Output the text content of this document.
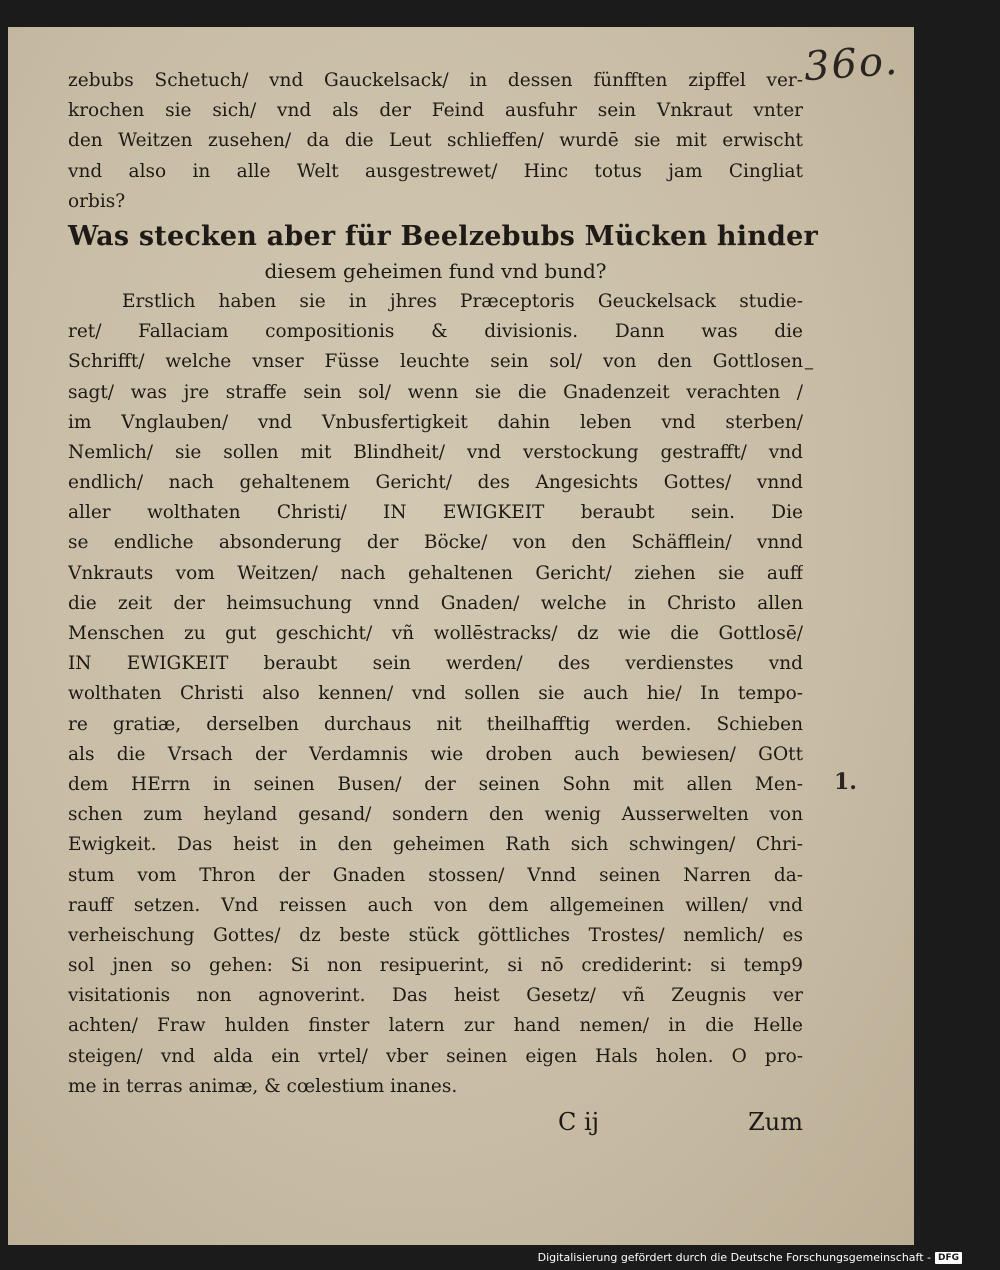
36o.
–
1.
zebubs Schetuch/ vnd Gauckelsack/ in dessen fünfften zipffel ver-
krochen sie sich/ vnd als der Feind ausfuhr sein Vnkraut vnter
den Weitzen zusehen/ da die Leut schlieffen/ wurdē sie mit erwischt
vnd also in alle Welt ausgestrewet/ Hinc totus jam Cingliat
orbis?
Was stecken aber für Beelzebubs Mücken hinder
diesem geheimen fund vnd bund?
Erstlich haben sie in jhres Præceptoris Geuckelsack studie-
ret/ Fallaciam compositionis & divisionis. Dann was die
Schrifft/ welche vnser Füsse leuchte sein sol/ von den Gottlosen
sagt/ was jre straffe sein sol/ wenn sie die Gnadenzeit verachten /
im Vnglauben/ vnd Vnbusfertigkeit dahin leben vnd sterben/
Nemlich/ sie sollen mit Blindheit/ vnd verstockung gestrafft/ vnd
endlich/ nach gehaltenem Gericht/ des Angesichts Gottes/ vnnd
aller wolthaten Christi/ IN EWIGKEIT beraubt sein. Die
se endliche absonderung der Böcke/ von den Schäfflein/ vnnd
Vnkrauts vom Weitzen/ nach gehaltenen Gericht/ ziehen sie auff
die zeit der heimsuchung vnnd Gnaden/ welche in Christo allen
Menschen zu gut geschicht/ vñ wollēstracks/ dz wie die Gottlosē/
IN EWIGKEIT beraubt sein werden/ des verdienstes vnd
wolthaten Christi also kennen/ vnd sollen sie auch hie/ In tempo-
re gratiæ, derselben durchaus nit theilhafftig werden. Schieben
als die Vrsach der Verdamnis wie droben auch bewiesen/ GOtt
dem HErrn in seinen Busen/ der seinen Sohn mit allen Men-
schen zum heyland gesand/ sondern den wenig Ausserwelten von
Ewigkeit. Das heist in den geheimen Rath sich schwingen/ Chri-
stum vom Thron der Gnaden stossen/ Vnnd seinen Narren da-
rauff setzen. Vnd reissen auch von dem allgemeinen willen/ vnd
verheischung Gottes/ dz beste stück göttliches Trostes/ nemlich/ es
sol jnen so gehen: Si non resipuerint, si nō crediderint: si temp9
visitationis non agnoverint. Das heist Gesetz/ vñ Zeugnis ver
achten/ Fraw hulden finster latern zur hand nemen/ in die Helle
steigen/ vnd alda ein vrtel/ vber seinen eigen Hals holen. O pro-
me in terras animæ, & cœlestium inanes.
C ij	Zum
Digitalisierung gefördert durch die Deutsche Forschungsgemeinschaft - DFG
